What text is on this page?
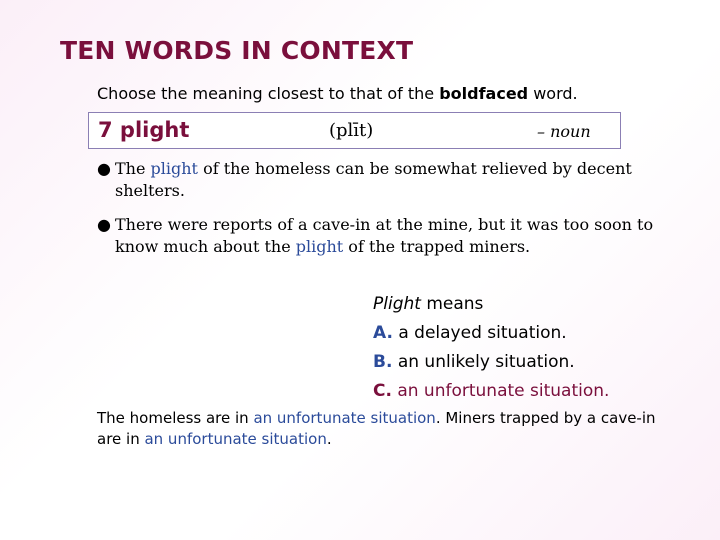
TEN WORDS IN CONTEXT
Choose the meaning closest to that of the boldfaced word.
7 plight	(plīt)	– noun
● The plight of the homeless can be somewhat relieved by decent shelters.
● There were reports of a cave-in at the mine, but it was too soon to know much about the plight of the trapped miners.
Plight means
A. a delayed situation.
B. an unlikely situation.
C. an unfortunate situation.
The homeless are in an unfortunate situation. Miners trapped by a cave-in are in an unfortunate situation.
